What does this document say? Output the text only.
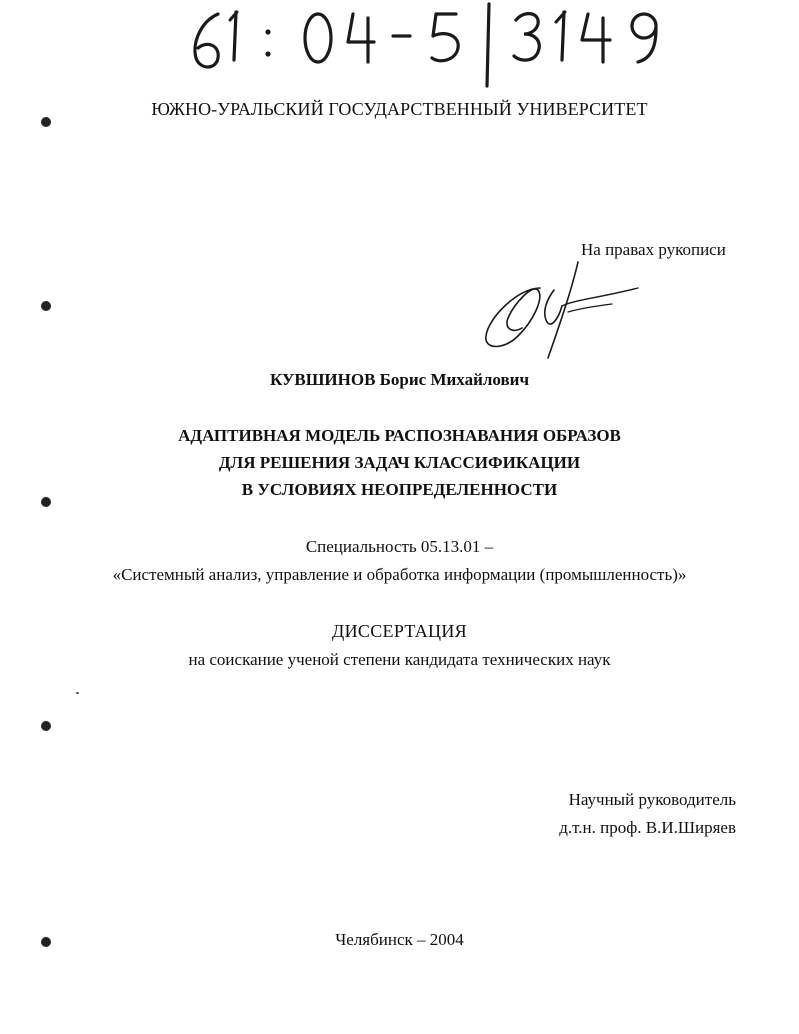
ЮЖНО-УРАЛЬСКИЙ ГОСУДАРСТВЕННЫЙ УНИВЕРСИТЕТ
На правах рукописи
КУВШИНОВ Борис Михайлович
АДАПТИВНАЯ МОДЕЛЬ РАСПОЗНАВАНИЯ ОБРАЗОВ
ДЛЯ РЕШЕНИЯ ЗАДАЧ КЛАССИФИКАЦИИ
В УСЛОВИЯХ НЕОПРЕДЕЛЕННОСТИ
Специальность 05.13.01 –
«Системный анализ, управление и обработка информации (промышленность)»
ДИССЕРТАЦИЯ
на соискание ученой степени кандидата технических наук
Научный руководитель
д.т.н. проф. В.И.Ширяев
Челябинск – 2004
